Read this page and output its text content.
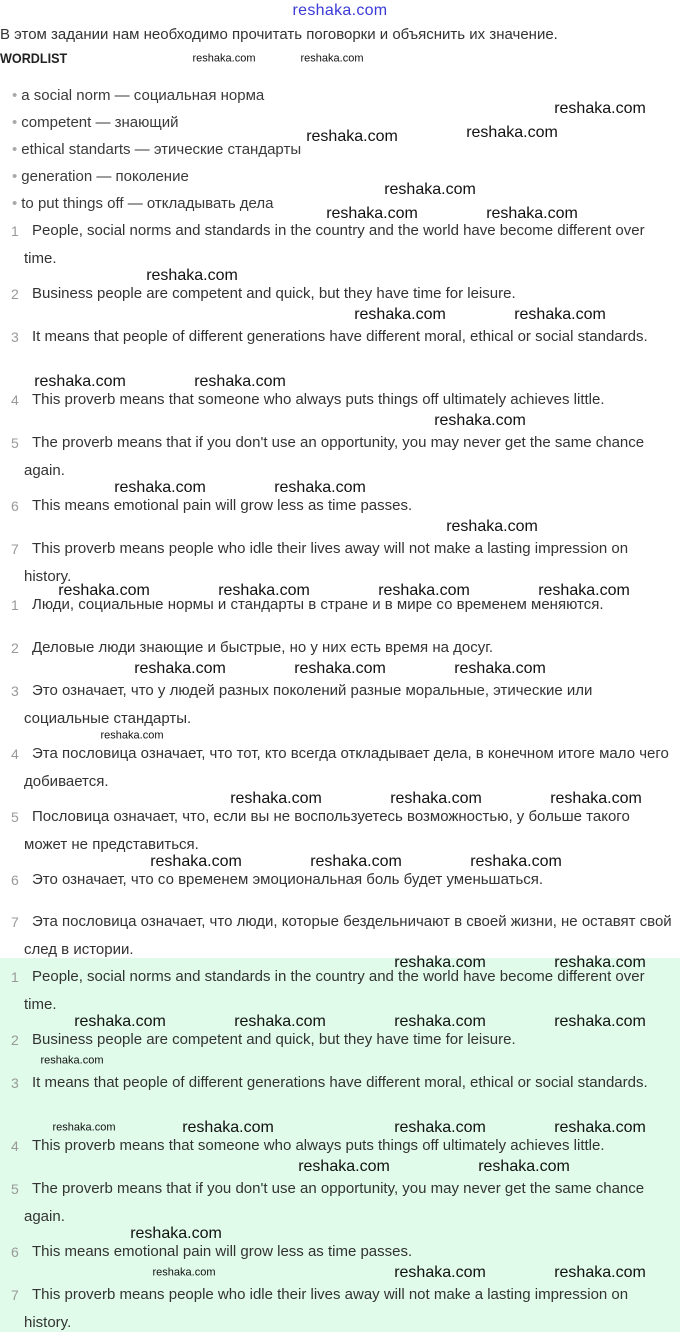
reshaka.com
В этом задании нам необходимо прочитать поговорки и объяснить их значение.
WORDLIST
• a social norm — социальная норма
• competent — знающий
• ethical standarts — этические стандарты
• generation — поколение
• to put things off — откладывать дела
1 People, social norms and standards in the country and the world have become different over time.
2 Business people are competent and quick, but they have time for leisure.
3 It means that people of different generations have different moral, ethical or social standards.
4 This proverb means that someone who always puts things off ultimately achieves little.
5 The proverb means that if you don't use an opportunity, you may never get the same chance again.
6 This means emotional pain will grow less as time passes.
7 This proverb means people who idle their lives away will not make a lasting impression on history.
1 Люди, социальные нормы и стандарты в стране и в мире со временем меняются.
2 Деловые люди знающие и быстрые, но у них есть время на досуг.
3 Это означает, что у людей разных поколений разные моральные, этические или социальные стандарты.
4 Эта пословица означает, что тот, кто всегда откладывает дела, в конечном итоге мало чего добивается.
5 Пословица означает, что, если вы не воспользуетесь возможностью, у больше такого может не представиться.
6 Это означает, что со временем эмоциональная боль будет уменьшаться.
7 Эта пословица означает, что люди, которые бездельничают в своей жизни, не оставят свой след в истории.
1 People, social norms and standards in the country and the world have become different over time.
2 Business people are competent and quick, but they have time for leisure.
3 It means that people of different generations have different moral, ethical or social standards.
4 This proverb means that someone who always puts things off ultimately achieves little.
5 The proverb means that if you don't use an opportunity, you may never get the same chance again.
6 This means emotional pain will grow less as time passes.
7 This proverb means people who idle their lives away will not make a lasting impression on history.
reshaka.com
reshaka.com	reshaka.com
reshaka.com
reshaka.com	reshaka.com
reshaka.com
reshaka.com	reshaka.com
reshaka.com	reshaka.com
reshaka.com
reshaka.com	reshaka.com
reshaka.com
reshaka.com	reshaka.com	reshaka.com	reshaka.com
reshaka.com	reshaka.com	reshaka.com
reshaka.com	reshaka.com	reshaka.com
reshaka.com	reshaka.com
reshaka.com
reshaka.com	reshaka.com
reshaka.com	reshaka.com	reshaka.com	reshaka.com
reshaka.com	reshaka.com	reshaka.com
reshaka.com	reshaka.com
reshaka.com
reshaka.com
reshaka.com
reshaka.com	reshaka.com
reshaka.com
reshaka.com
reshaka.com
reshaka.com
